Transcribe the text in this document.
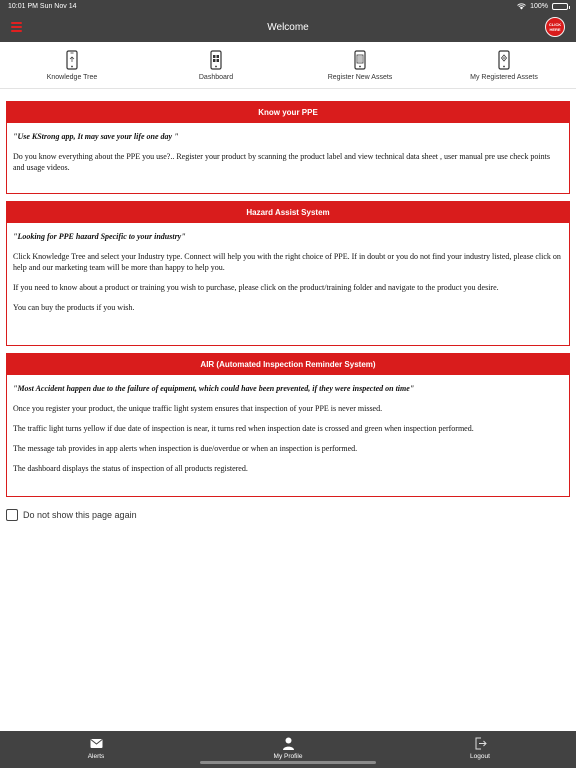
10:01 PM Sun Nov 14	100%
Welcome	CLICK
HERE
Knowledge Tree	Dashboard	Register New Assets	My Registered Assets
Know your PPE

"Use KStrong app, It may save your life one day "

Do you know everything about the PPE you use?.. Register your product by scanning the product label and view technical data sheet , user manual pre use check points and usage videos.

Hazard Assist System

"Looking for PPE hazard Specific to your industry"

Click Knowledge Tree and select your Industry type. Connect will help you with the right choice of PPE. If in doubt or you do not find your industry listed, please click on help and our marketing team will be more than happy to help you.

If you need to know about a product or training you wish to purchase, please click on the product/training folder and navigate to the product you desire.

You can buy the products if you wish.

AIR (Automated Inspection Reminder System)

"Most Accident happen due to the failure of equipment, which could have been prevented, if they were inspected on time"

Once you register your product, the unique traffic light system ensures that inspection of your PPE is never missed.

The traffic light turns yellow if due date of inspection is near, it turns red when inspection date is crossed and green when inspection performed.

The message tab provides in app alerts when inspection is due/overdue or when an inspection is performed.

The dashboard displays the status of inspection of all products registered.

Do not show this page again
Alerts	My Profile	Logout
